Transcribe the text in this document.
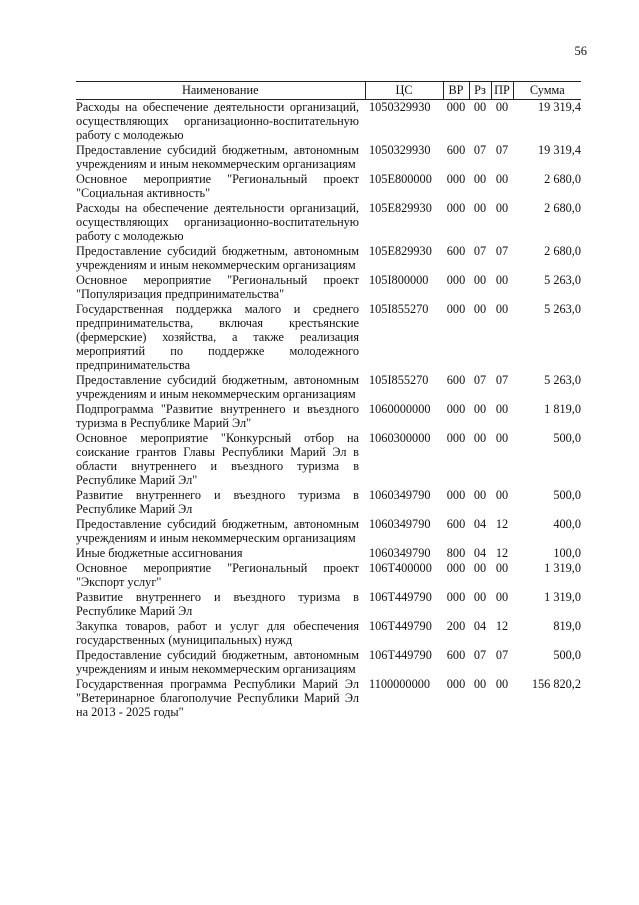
56
Наименование	ЦС	ВР	Рз	ПР	Сумма
Расходы на обеспечение деятельности организаций, осуществляющих организационно-воспитательную работу с молодежью	1050329930	000	00	00	19 319,4
Предоставление субсидий бюджетным, автономным учреждениям и иным некоммерческим организациям	1050329930	600	07	07	19 319,4
Основное мероприятие "Региональный проект "Социальная активность"	105E800000	000	00	00	2 680,0
Расходы на обеспечение деятельности организаций, осуществляющих организационно-воспитательную работу с молодежью	105E829930	000	00	00	2 680,0
Предоставление субсидий бюджетным, автономным учреждениям и иным некоммерческим организациям	105E829930	600	07	07	2 680,0
Основное мероприятие "Региональный проект "Популяризация предпринимательства"	105I800000	000	00	00	5 263,0
Государственная поддержка малого и среднего предпринимательства, включая крестьянские (фермерские) хозяйства, а также реализация мероприятий по поддержке молодежного предпринимательства	105I855270	000	00	00	5 263,0
Предоставление субсидий бюджетным, автономным учреждениям и иным некоммерческим организациям	105I855270	600	07	07	5 263,0
Подпрограмма "Развитие внутреннего и въездного туризма в Республике Марий Эл"	1060000000	000	00	00	1 819,0
Основное мероприятие "Конкурсный отбор на соискание грантов Главы Республики Марий Эл в области внутреннего и въездного туризма в Республике Марий Эл"	1060300000	000	00	00	500,0
Развитие внутреннего и въездного туризма в Республике Марий Эл	1060349790	000	00	00	500,0
Предоставление субсидий бюджетным, автономным учреждениям и иным некоммерческим организациям	1060349790	600	04	12	400,0
Иные бюджетные ассигнования	1060349790	800	04	12	100,0
Основное мероприятие "Региональный проект "Экспорт услуг"	106T400000	000	00	00	1 319,0
Развитие внутреннего и въездного туризма в Республике Марий Эл	106T449790	000	00	00	1 319,0
Закупка товаров, работ и услуг для обеспечения государственных (муниципальных) нужд	106T449790	200	04	12	819,0
Предоставление субсидий бюджетным, автономным учреждениям и иным некоммерческим организациям	106T449790	600	07	07	500,0
Государственная программа Республики Марий Эл "Ветеринарное благополучие Республики Марий Эл на 2013 - 2025 годы"	1100000000	000	00	00	156 820,2
